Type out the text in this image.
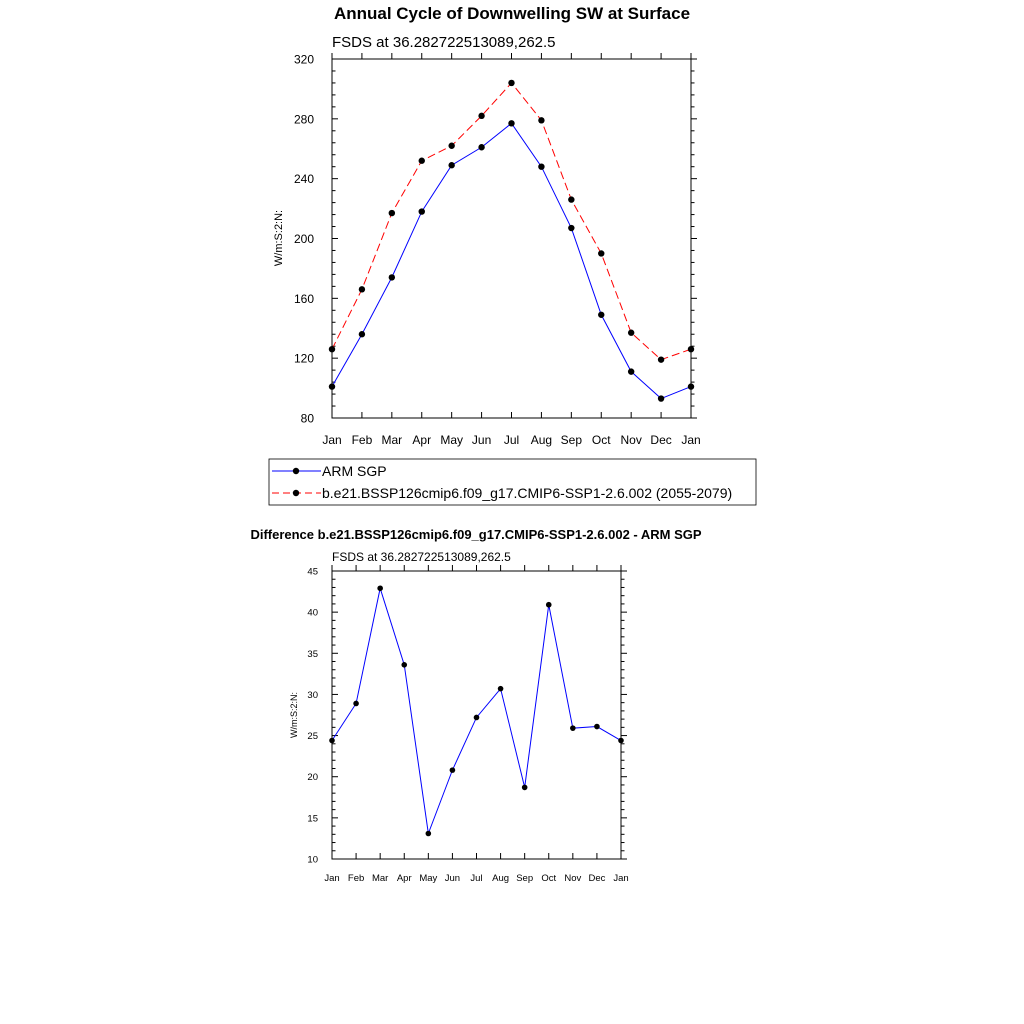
Annual Cycle of Downwelling SW at Surface
FSDS at 36.282722513089,262.5
W/m:S:2:N:
Jan Feb Mar Apr May Jun Jul Aug Sep Oct Nov Dec Jan
80
120
160
200
240
280
320
ARM SGP
b.e21.BSSP126cmip6.f09_g17.CMIP6-SSP1-2.6.002 (2055-2079)
Difference b.e21.BSSP126cmip6.f09_g17.CMIP6-SSP1-2.6.002 - ARM SGP
FSDS at 36.282722513089,262.5
W/m:S:2:N:
Jan Feb Mar Apr May Jun Jul Aug Sep Oct Nov Dec Jan
10
15
20
25
30
35
40
45
